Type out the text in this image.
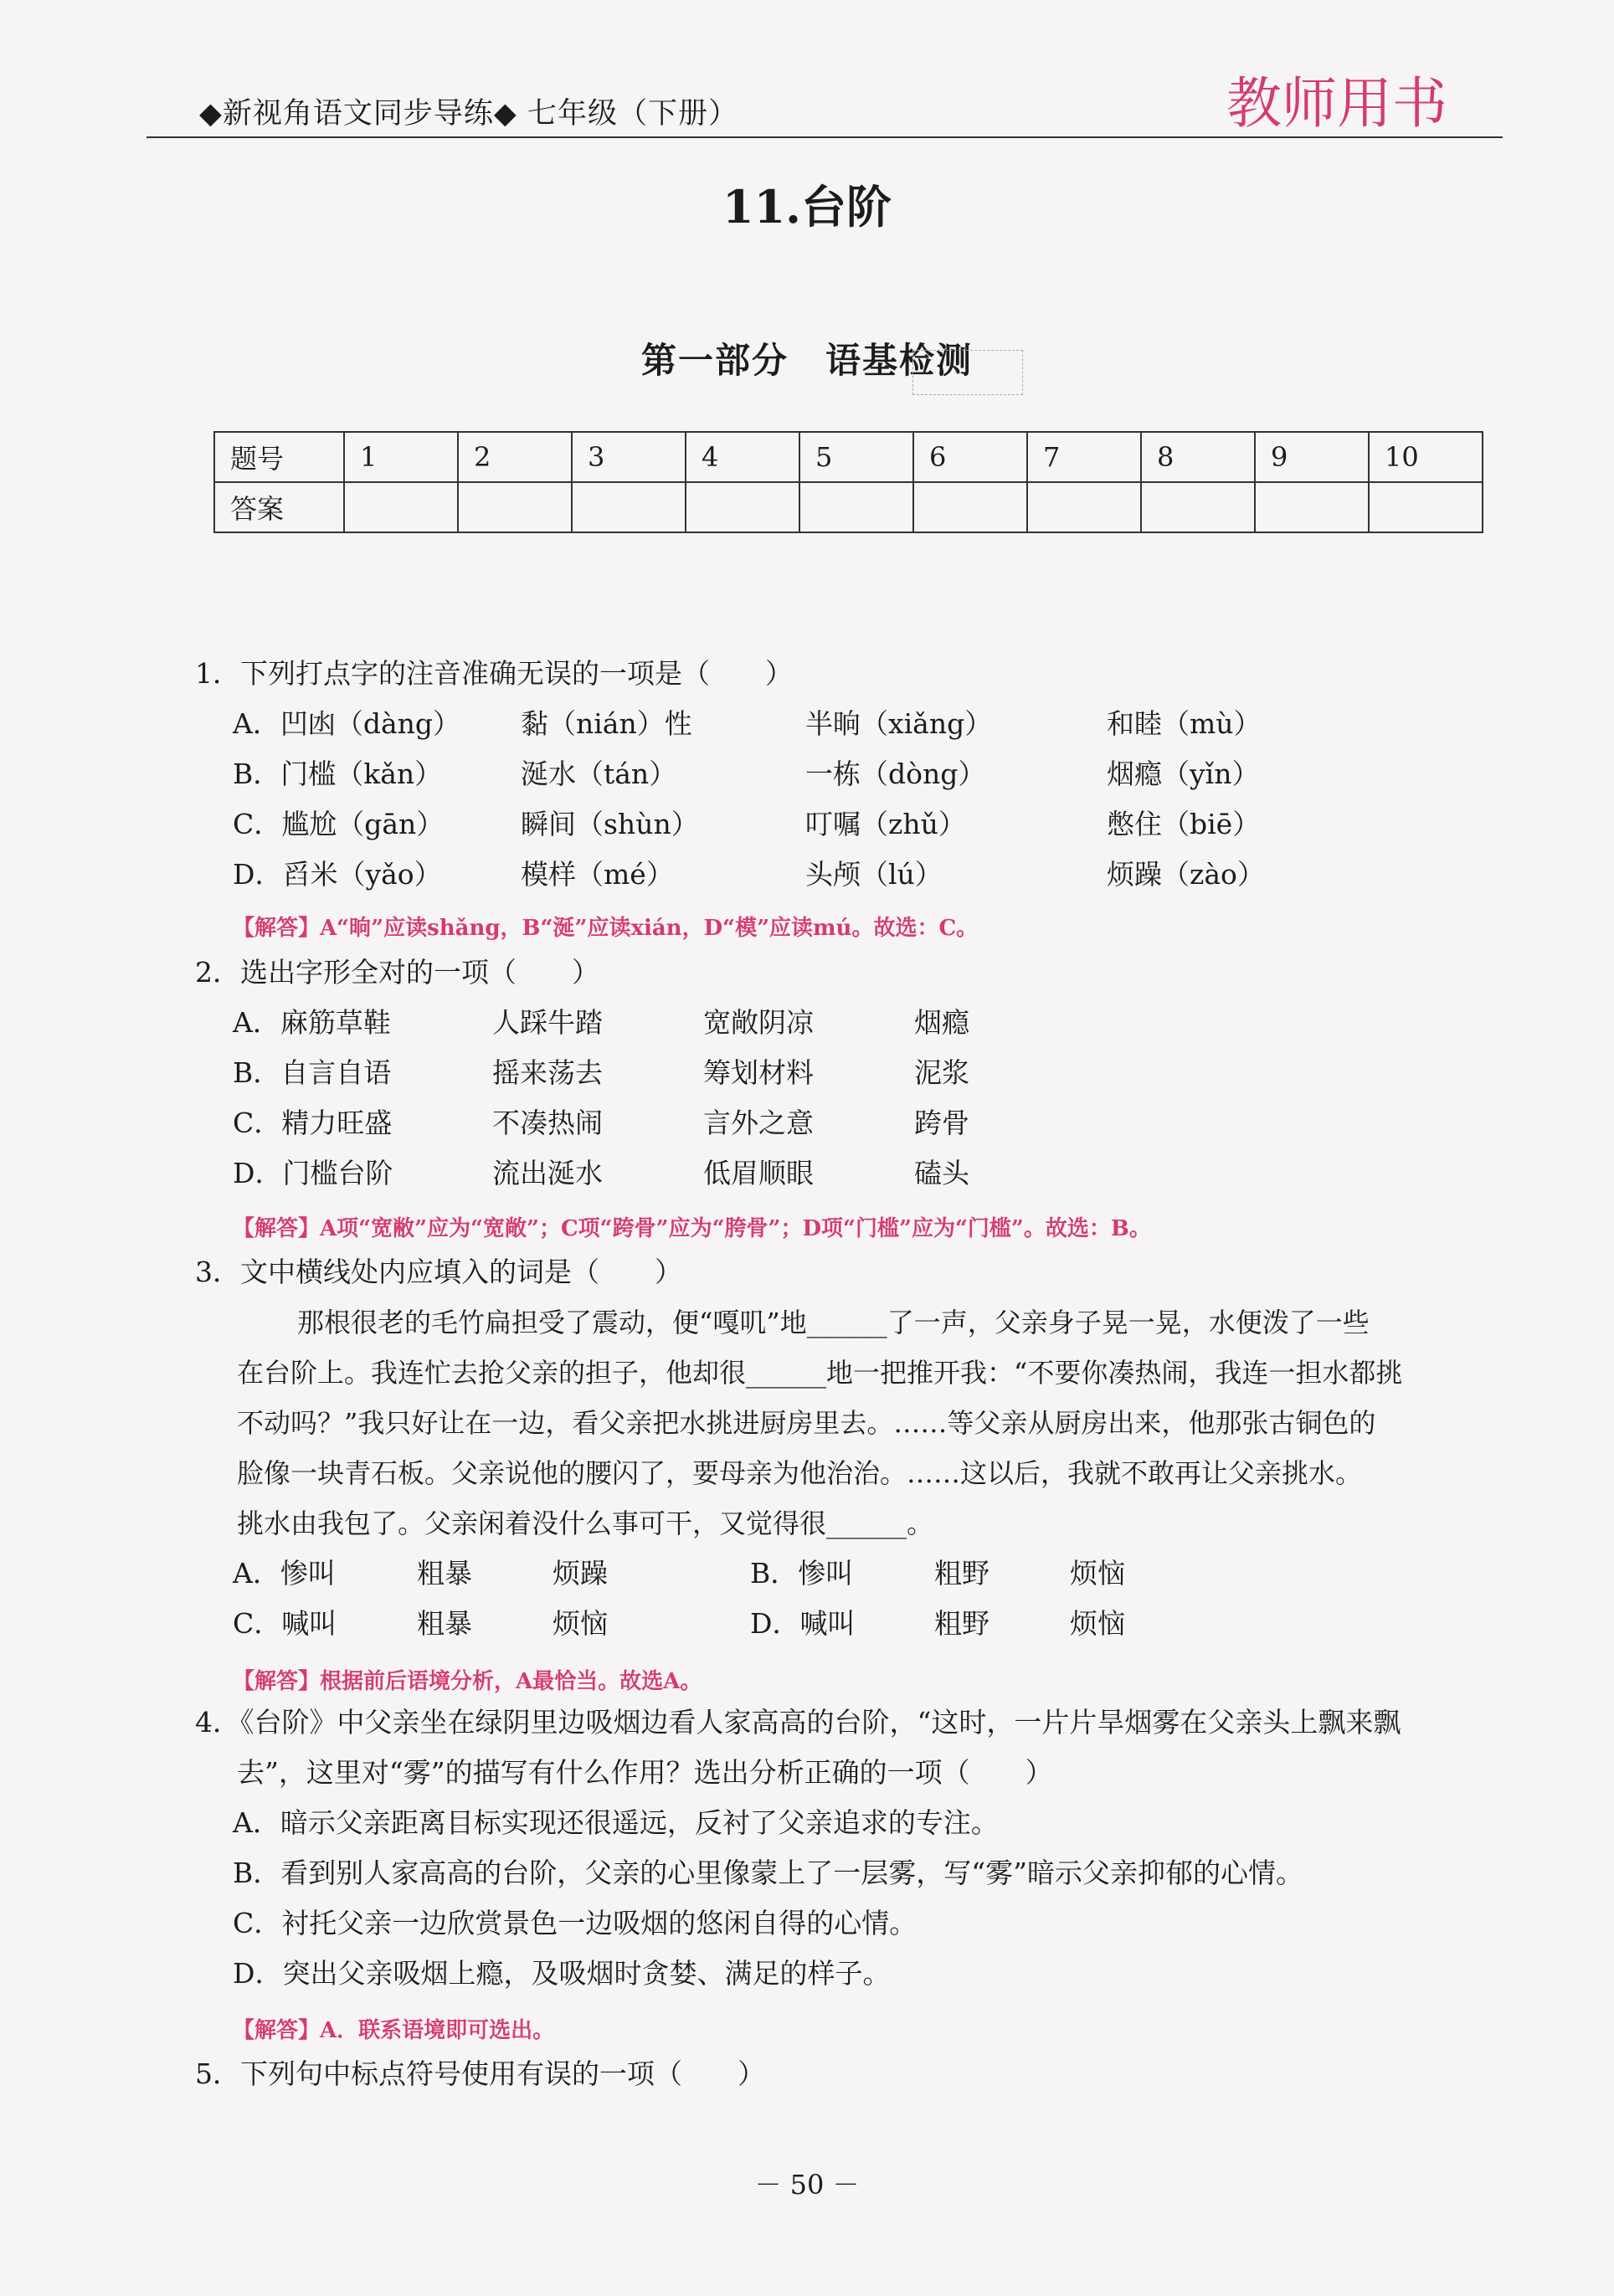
◆新视角语文同步导练◆ 七年级（下册）	教师用书
11.台阶
第一部分　语基检测
题号	1	2	3	4	5	6	7	8	9	10
答案										
1．下列打点字的注音准确无误的一项是（　　）
A．凹凼（dàng） 黏（nián）性	半晌（xiǎng）	和睦（mù）
B．门槛（kǎn）	涎水（tán）	一栋（dòng）	烟瘾（yǐn）
C．尴尬（gān）	瞬间（shùn）	叮嘱（zhǔ）	憋住（biē）
D．舀米（yǎo）	模样（mé）	头颅（lú）	烦躁（zào）
【解答】A“晌”应读shǎng，B“涎”应读xián，D“模”应读mú。故选：C。
2．选出字形全对的一项（　　）
A．麻筋草鞋	人踩牛踏	宽敞阴凉	烟瘾
B．自言自语	摇来荡去	筹划材料	泥浆
C．精力旺盛	不凑热闹	言外之意	跨骨
D．门槛台阶	流出涎水	低眉顺眼	磕头
【解答】A项“宽敝”应为“宽敞”；C项“跨骨”应为“胯骨”；D项“门槛”应为“门槛”。故选：B。
3．文中横线处内应填入的词是（　　）
那根很老的毛竹扁担受了震动，便“嘎叽”地______了一声，父亲身子晃一晃，水便泼了一些
在台阶上。我连忙去抢父亲的担子，他却很______地一把推开我：“不要你凑热闹，我连一担水都挑
不动吗？”我只好让在一边，看父亲把水挑进厨房里去。……等父亲从厨房出来，他那张古铜色的
脸像一块青石板。父亲说他的腰闪了，要母亲为他治治。……这以后，我就不敢再让父亲挑水。
挑水由我包了。父亲闲着没什么事可干，又觉得很______。
A．惨叫	粗暴	烦躁	B．惨叫	粗野	烦恼
C．喊叫	粗暴	烦恼	D．喊叫	粗野	烦恼
【解答】根据前后语境分析，A最恰当。故选A。
4．《台阶》中父亲坐在绿阴里边吸烟边看人家高高的台阶，“这时，一片片旱烟雾在父亲头上飘来飘
去”，这里对“雾”的描写有什么作用？选出分析正确的一项（　　）
A．暗示父亲距离目标实现还很遥远，反衬了父亲追求的专注。
B．看到别人家高高的台阶，父亲的心里像蒙上了一层雾，写“雾”暗示父亲抑郁的心情。
C．衬托父亲一边欣赏景色一边吸烟的悠闲自得的心情。
D．突出父亲吸烟上瘾，及吸烟时贪婪、满足的样子。
【解答】A．联系语境即可选出。
5．下列句中标点符号使用有误的一项（　　）
－ 50 －
